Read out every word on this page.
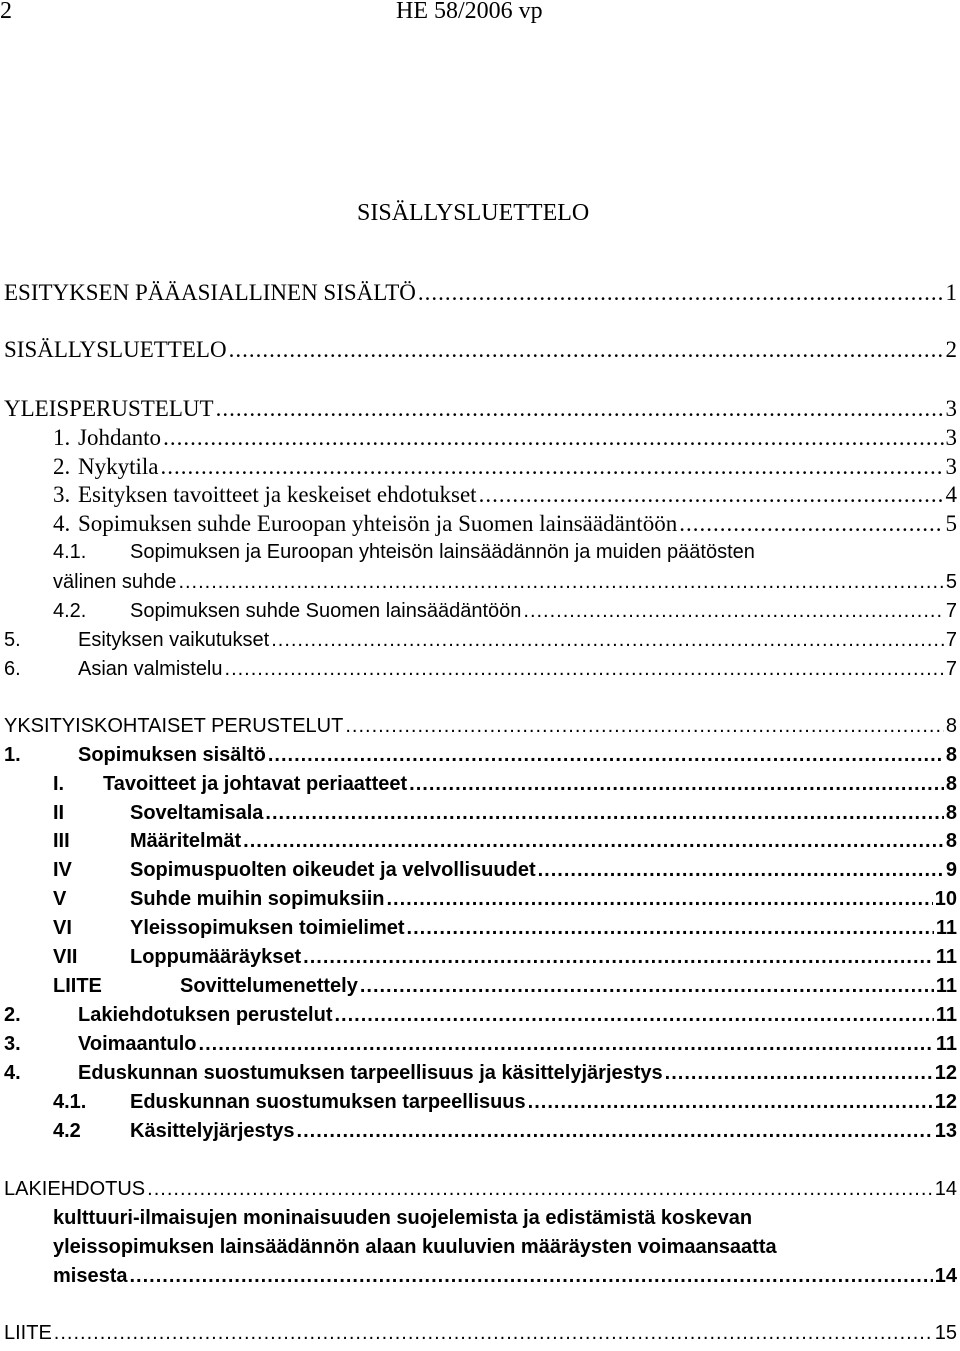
2	HE 58/2006 vp
SISÄLLYSLUETTELO
ESITYKSEN PÄÄASIALLINEN SISÄLTÖ .....	1
SISÄLLYSLUETTELO .....	2
YLEISPERUSTELUT .....	3
1. Johdanto .....	3
2. Nykytila .....	3
3. Esityksen tavoitteet ja keskeiset ehdotukset .....	4
4. Sopimuksen suhde Euroopan yhteisön ja Suomen lainsäädäntöön .....	5
4.1. Sopimuksen ja Euroopan yhteisön lainsäädännön ja muiden päätösten
välinen suhde .....	5
4.2. Sopimuksen suhde Suomen lainsäädäntöön .....	7
5.	Esityksen vaikutukset .....	7
6.	Asian valmistelu .....	7
YKSITYISKOHTAISET PERUSTELUT .....	8
1.	Sopimuksen sisältö .....	8
I. Tavoitteet ja johtavat periaatteet .....	8
II	Soveltamisala .....	8
III	Määritelmät .....	8
IV	Sopimuspuolten oikeudet ja velvollisuudet .....	9
V	Suhde muihin sopimuksiin .....	10
VI	Yleissopimuksen toimielimet .....	11
VII	Loppumääräykset .....	11
LIITE	Sovittelumenettely .....	11
2.	Lakiehdotuksen perustelut .....	11
3.	Voimaantulo .....	11
4.	Eduskunnan suostumuksen tarpeellisuus ja käsittelyjärjestys .....	12
4.1. Eduskunnan suostumuksen tarpeellisuus .....	12
4.2 Käsittelyjärjestys .....	13
LAKIEHDOTUS .....	14
kulttuuri-ilmaisujen moninaisuuden suojelemista ja edistämistä koskevan
yleissopimuksen lainsäädännön alaan kuuluvien määräysten voimaansaatta
misesta .....	14
LIITE .....	15
